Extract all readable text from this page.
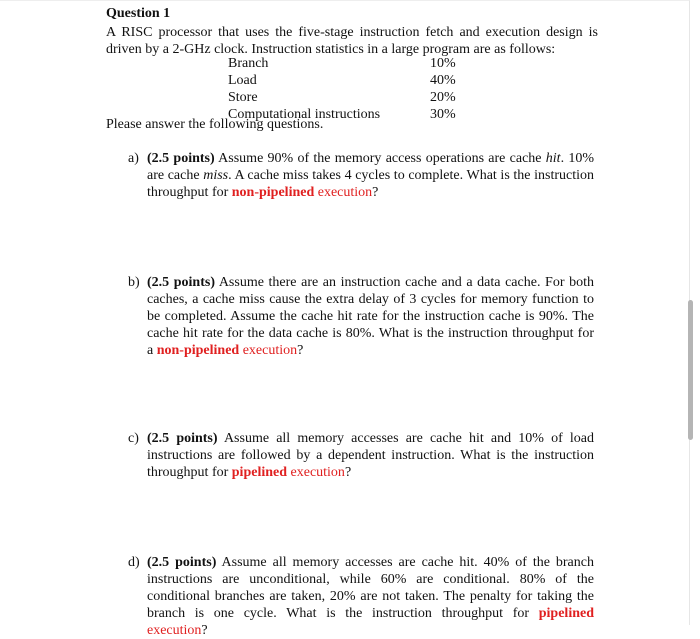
Question 1
A RISC processor that uses the five-stage instruction fetch and execution design is driven by a 2-GHz clock. Instruction statistics in a large program are as follows:
Branch	10%
Load	40%
Store	20%
Computational instructions	30%
Please answer the following questions.
a) (2.5 points) Assume 90% of the memory access operations are cache hit. 10% are cache miss. A cache miss takes 4 cycles to complete. What is the instruction throughput for non-pipelined execution?
b) (2.5 points) Assume there are an instruction cache and a data cache. For both caches, a cache miss cause the extra delay of 3 cycles for memory function to be completed. Assume the cache hit rate for the instruction cache is 90%. The cache hit rate for the data cache is 80%. What is the instruction throughput for a non-pipelined execution?
c) (2.5 points) Assume all memory accesses are cache hit and 10% of load instructions are followed by a dependent instruction. What is the instruction throughput for pipelined execution?
d) (2.5 points) Assume all memory accesses are cache hit. 40% of the branch instructions are unconditional, while 60% are conditional. 80% of the conditional branches are taken, 20% are not taken. The penalty for taking the branch is one cycle. What is the instruction throughput for pipelined execution?
